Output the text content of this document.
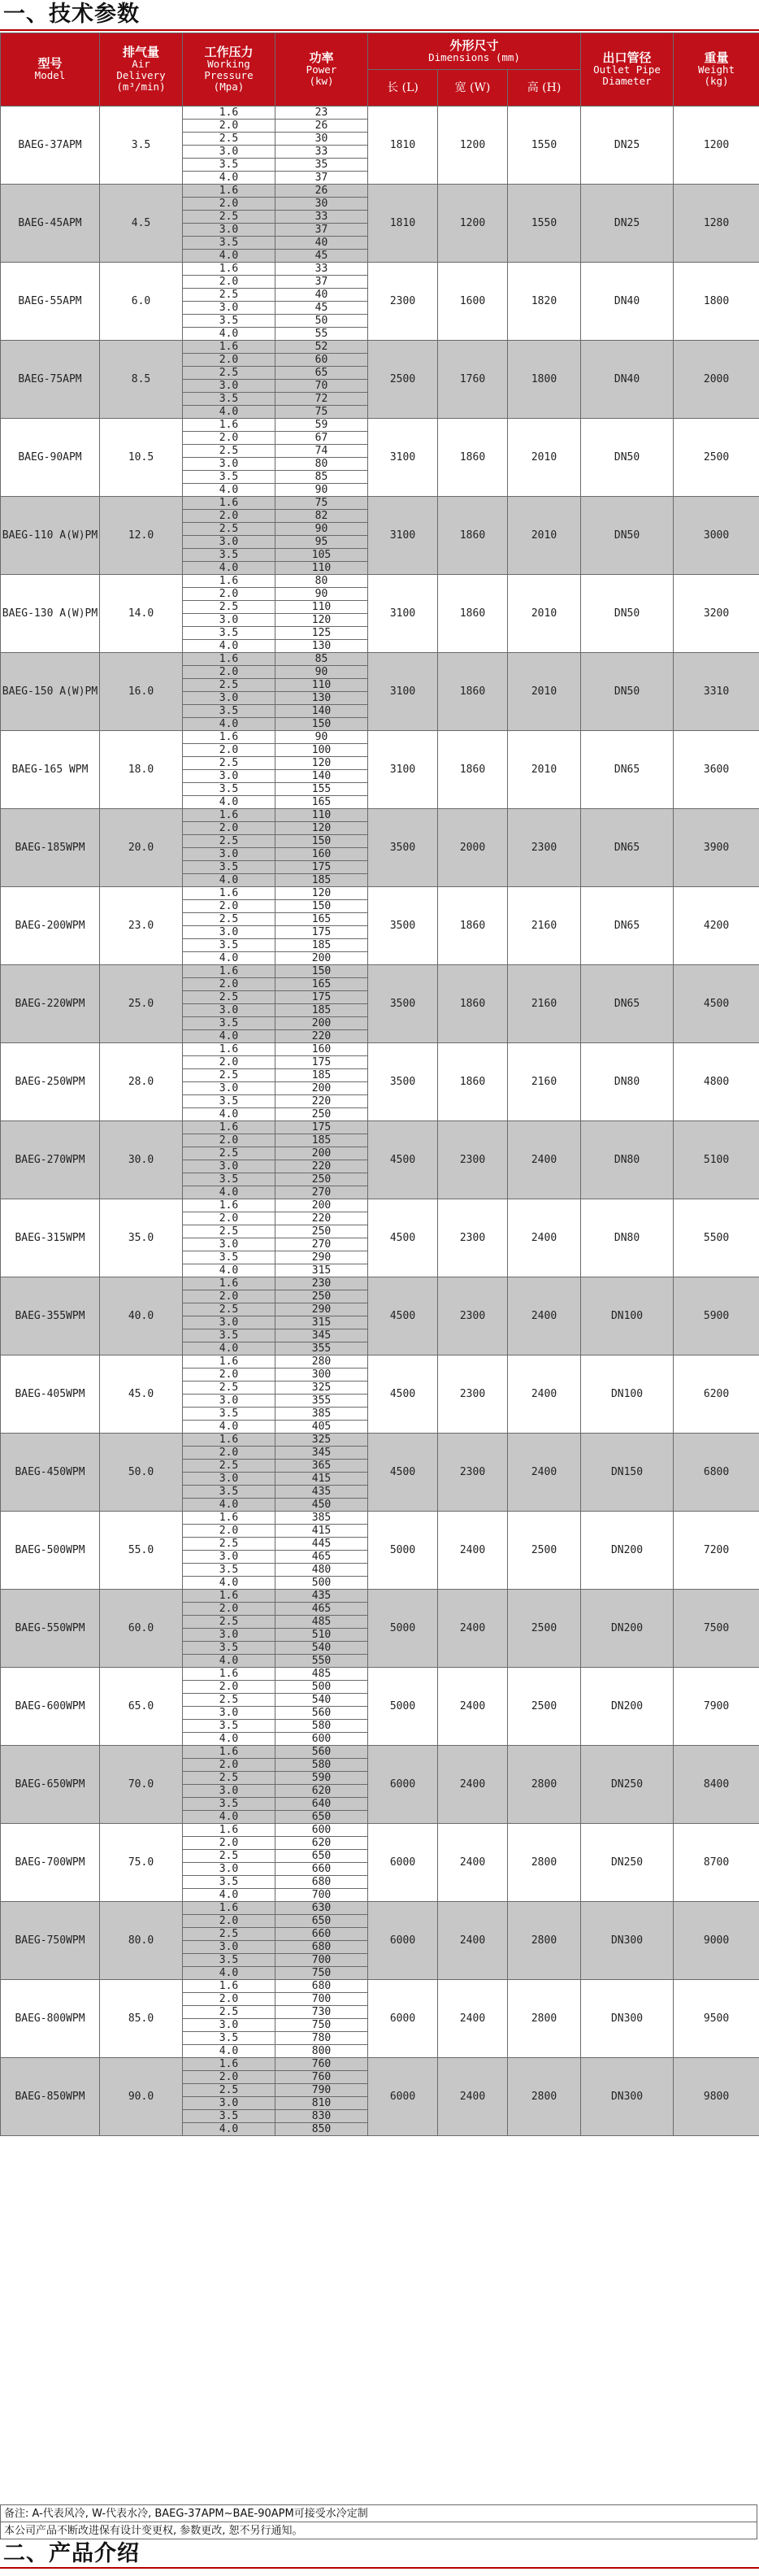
一、技术参数
型号
Model	排气量
Air
Delivery
(m³/min)	工作压力
Working
Pressure
(Mpa)	功率
Power
(kw)	外形尺寸
Dimensions (mm)			出口管径
Outlet Pipe
Diameter	重量
Weight
(kg)

				长 (L)	宽 (W)	高 (H)		
BAEG-37APM	3.5	1.6	23	1810	1200	1550	DN25	1200
		2.0	26					
		2.5	30					
		3.0	33					
		3.5	35					
		4.0	37					
BAEG-45APM	4.5	1.6	26	1810	1200	1550	DN25	1280
		2.0	30					
		2.5	33					
		3.0	37					
		3.5	40					
		4.0	45					
BAEG-55APM	6.0	1.6	33	2300	1600	1820	DN40	1800
		2.0	37					
		2.5	40					
		3.0	45					
		3.5	50					
		4.0	55					
BAEG-75APM	8.5	1.6	52	2500	1760	1800	DN40	2000
		2.0	60					
		2.5	65					
		3.0	70					
		3.5	72					
		4.0	75					
BAEG-90APM	10.5	1.6	59	3100	1860	2010	DN50	2500
		2.0	67					
		2.5	74					
		3.0	80					
		3.5	85					
		4.0	90					
BAEG-110 A(W)PM	12.0	1.6	75	3100	1860	2010	DN50	3000
		2.0	82					
		2.5	90					
		3.0	95					
		3.5	105					
		4.0	110					
BAEG-130 A(W)PM	14.0	1.6	80	3100	1860	2010	DN50	3200
		2.0	90					
		2.5	110					
		3.0	120					
		3.5	125					
		4.0	130					
BAEG-150 A(W)PM	16.0	1.6	85	3100	1860	2010	DN50	3310
		2.0	90					
		2.5	110					
		3.0	130					
		3.5	140					
		4.0	150					
BAEG-165 WPM	18.0	1.6	90	3100	1860	2010	DN65	3600
		2.0	100					
		2.5	120					
		3.0	140					
		3.5	155					
		4.0	165					
BAEG-185WPM	20.0	1.6	110	3500	2000	2300	DN65	3900
		2.0	120					
		2.5	150					
		3.0	160					
		3.5	175					
		4.0	185					
BAEG-200WPM	23.0	1.6	120	3500	1860	2160	DN65	4200
		2.0	150					
		2.5	165					
		3.0	175					
		3.5	185					
		4.0	200					
BAEG-220WPM	25.0	1.6	150	3500	1860	2160	DN65	4500
		2.0	165					
		2.5	175					
		3.0	185					
		3.5	200					
		4.0	220					
BAEG-250WPM	28.0	1.6	160	3500	1860	2160	DN80	4800
		2.0	175					
		2.5	185					
		3.0	200					
		3.5	220					
		4.0	250					
BAEG-270WPM	30.0	1.6	175	4500	2300	2400	DN80	5100
		2.0	185					
		2.5	200					
		3.0	220					
		3.5	250					
		4.0	270					
BAEG-315WPM	35.0	1.6	200	4500	2300	2400	DN80	5500
		2.0	220					
		2.5	250					
		3.0	270					
		3.5	290					
		4.0	315					
BAEG-355WPM	40.0	1.6	230	4500	2300	2400	DN100	5900
		2.0	250					
		2.5	290					
		3.0	315					
		3.5	345					
		4.0	355					
BAEG-405WPM	45.0	1.6	280	4500	2300	2400	DN100	6200
		2.0	300					
		2.5	325					
		3.0	355					
		3.5	385					
		4.0	405					
BAEG-450WPM	50.0	1.6	325	4500	2300	2400	DN150	6800
		2.0	345					
		2.5	365					
		3.0	415					
		3.5	435					
		4.0	450					
BAEG-500WPM	55.0	1.6	385	5000	2400	2500	DN200	7200
		2.0	415					
		2.5	445					
		3.0	465					
		3.5	480					
		4.0	500					
BAEG-550WPM	60.0	1.6	435	5000	2400	2500	DN200	7500
		2.0	465					
		2.5	485					
		3.0	510					
		3.5	540					
		4.0	550					
BAEG-600WPM	65.0	1.6	485	5000	2400	2500	DN200	7900
		2.0	500					
		2.5	540					
		3.0	560					
		3.5	580					
		4.0	600					
BAEG-650WPM	70.0	1.6	560	6000	2400	2800	DN250	8400
		2.0	580					
		2.5	590					
		3.0	620					
		3.5	640					
		4.0	650					
BAEG-700WPM	75.0	1.6	600	6000	2400	2800	DN250	8700
		2.0	620					
		2.5	650					
		3.0	660					
		3.5	680					
		4.0	700					
BAEG-750WPM	80.0	1.6	630	6000	2400	2800	DN300	9000
		2.0	650					
		2.5	660					
		3.0	680					
		3.5	700					
		4.0	750					
BAEG-800WPM	85.0	1.6	680	6000	2400	2800	DN300	9500
		2.0	700					
		2.5	730					
		3.0	750					
		3.5	780					
		4.0	800					
BAEG-850WPM	90.0	1.6	760	6000	2400	2800	DN300	9800
		2.0	760					
		2.5	790					
		3.0	810					
		3.5	830					
		4.0	850					
备注: A-代表风冷, W-代表水冷, BAEG-37APM~BAE-90APM可接受水冷定制
本公司产品不断改进保有设计变更权, 参数更改, 恕不另行通知。
二、产品介绍
